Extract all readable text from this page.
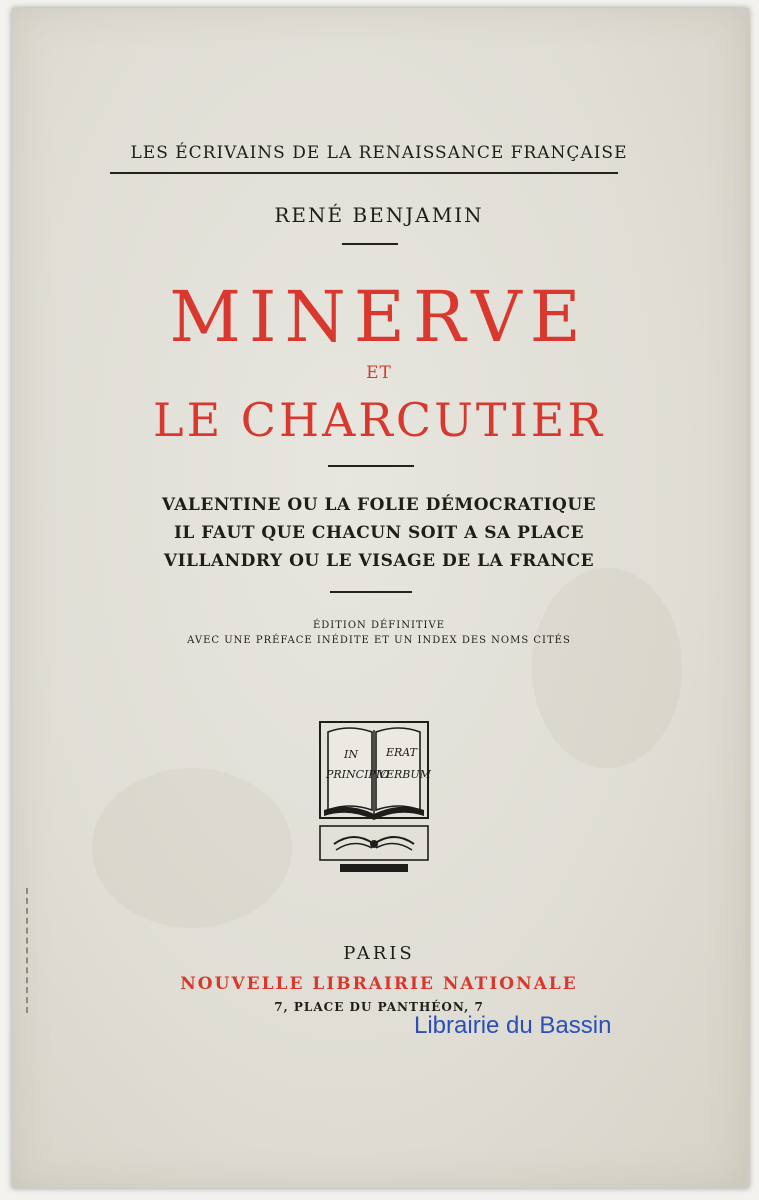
LES ÉCRIVAINS DE LA RENAISSANCE FRANÇAISE
RENÉ BENJAMIN
MINERVE
ET
LE CHARCUTIER
VALENTINE OU LA FOLIE DÉMOCRATIQUE
IL FAUT QUE CHACUN SOIT A SA PLACE
VILLANDRY OU LE VISAGE DE LA FRANCE
ÉDITION DÉFINITIVE
AVEC UNE PRÉFACE INÉDITE ET UN INDEX DES NOMS CITÉS
IN	ERAT
PRINCIPIO
VERBUM
PARIS
NOUVELLE LIBRAIRIE NATIONALE
7, PLACE DU PANTHÉON, 7
Librairie du Bassin
